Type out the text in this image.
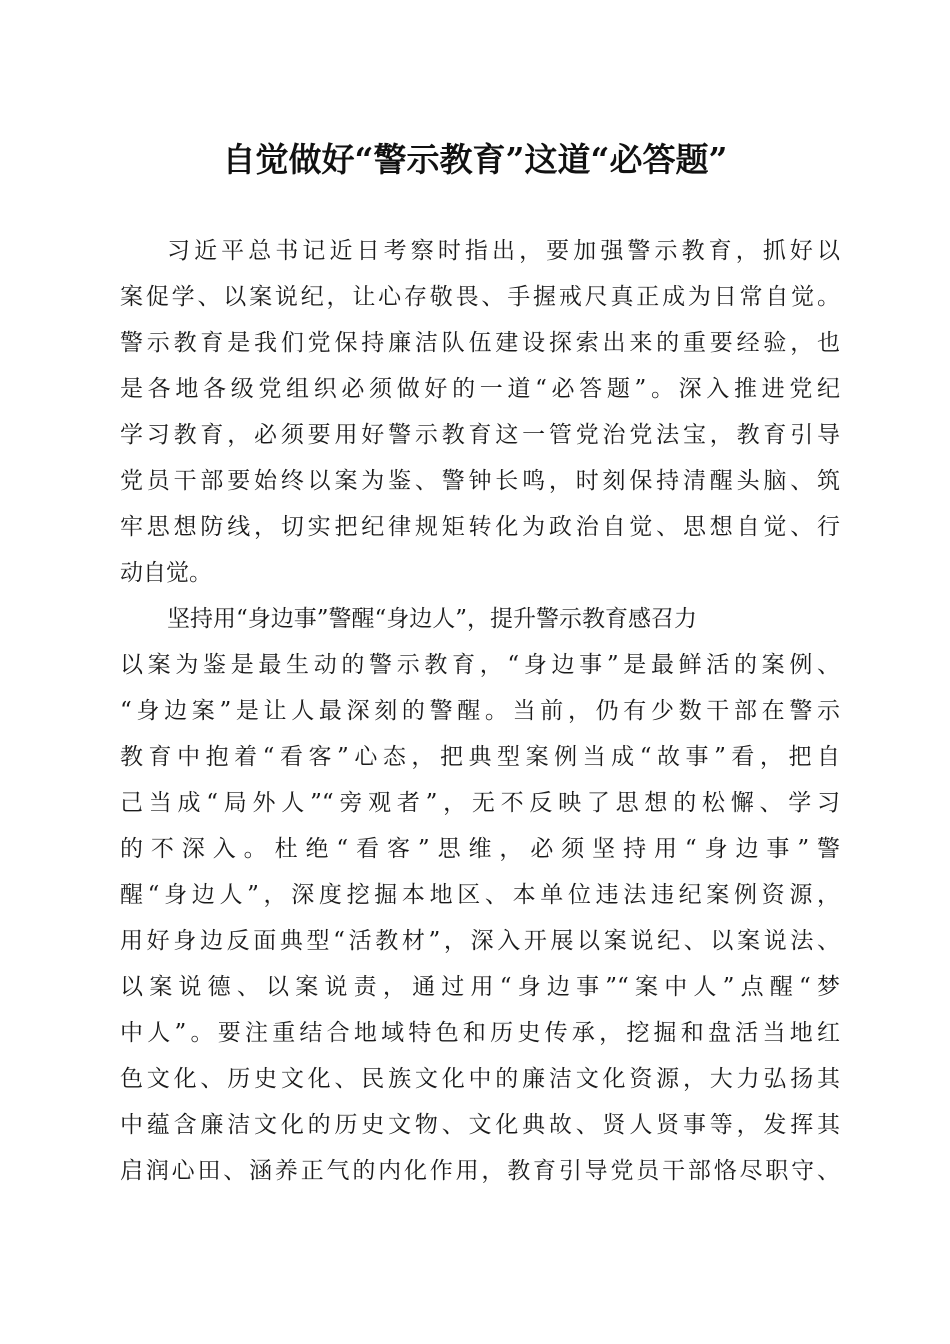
自觉做好“警示教育”这道“必答题”
习近平总书记近日考察时指出，要加强警示教育，抓好以
案促学、以案说纪，让心存敬畏、手握戒尺真正成为日常自觉。
警示教育是我们党保持廉洁队伍建设探索出来的重要经验，也
是各地各级党组织必须做好的一道“必答题”。深入推进党纪
学习教育，必须要用好警示教育这一管党治党法宝，教育引导
党员干部要始终以案为鉴、警钟长鸣，时刻保持清醒头脑、筑
牢思想防线，切实把纪律规矩转化为政治自觉、思想自觉、行
动自觉。
坚持用“身边事”警醒“身边人”，提升警示教育感召力
以案为鉴是最生动的警示教育，“身边事”是最鲜活的案例、
“身边案”是让人最深刻的警醒。当前，仍有少数干部在警示
教育中抱着“看客”心态，把典型案例当成“故事”看，把自
己当成“局外人”“旁观者”，无不反映了思想的松懈、学习
的不深入。杜绝“看客”思维，必须坚持用“身边事”警
醒“身边人”，深度挖掘本地区、本单位违法违纪案例资源，
用好身边反面典型“活教材”，深入开展以案说纪、以案说法、
以案说德、以案说责，通过用“身边事”“案中人”点醒“梦
中人”。要注重结合地域特色和历史传承，挖掘和盘活当地红
色文化、历史文化、民族文化中的廉洁文化资源，大力弘扬其
中蕴含廉洁文化的历史文物、文化典故、贤人贤事等，发挥其
启润心田、涵养正气的内化作用，教育引导党员干部恪尽职守、
